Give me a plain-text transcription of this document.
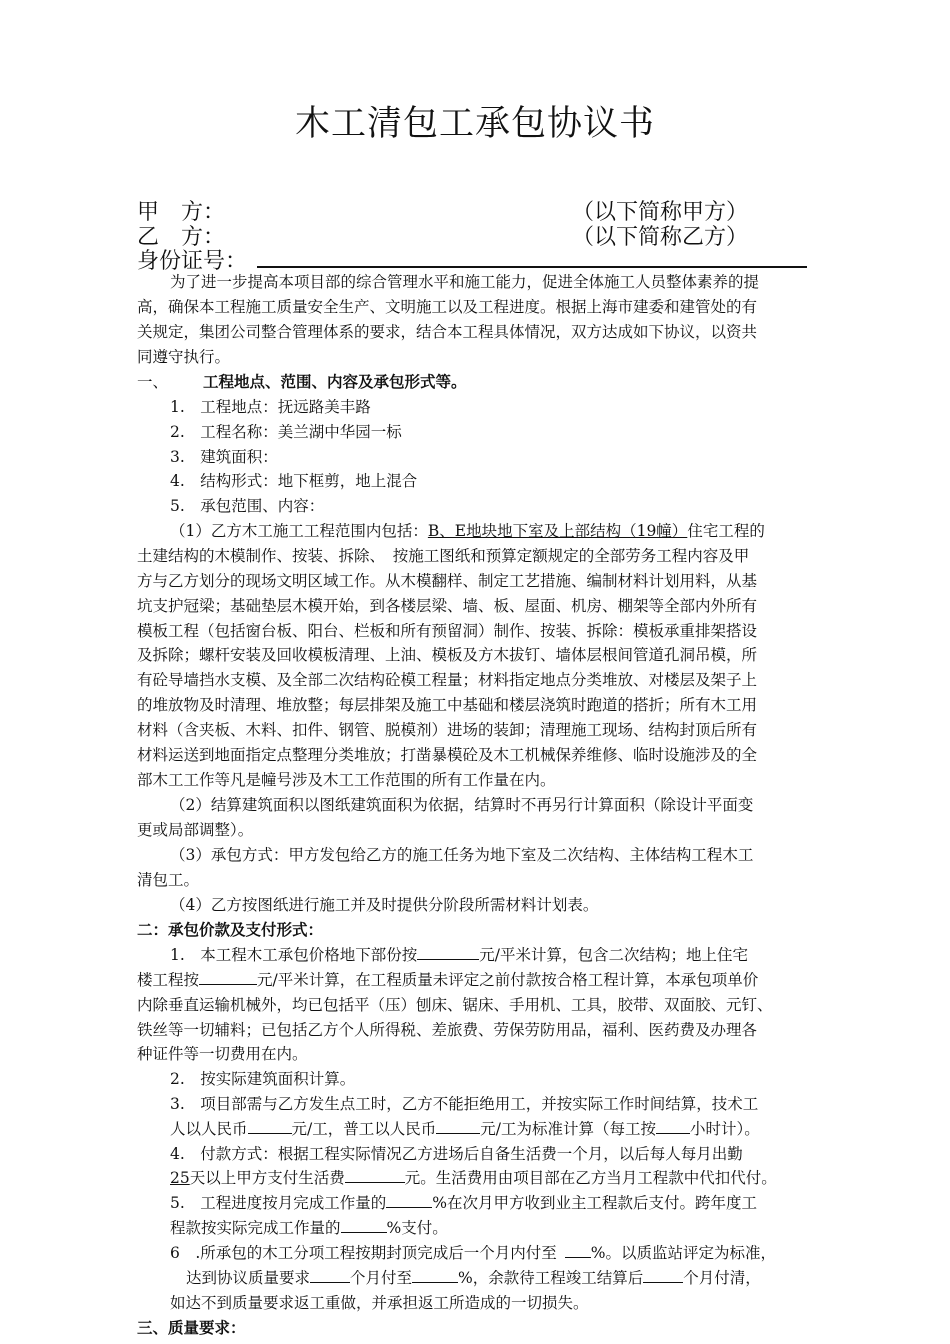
木工清包工承包协议书
甲　方：	（以下简称甲方）
乙　方：	（以下简称乙方）
身份证号：
为了进一步提高本项目部的综合管理水平和施工能力，促进全体施工人员整体素养的提
高，确保本工程施工质量安全生产、文明施工以及工程进度。根据上海市建委和建管处的有
关规定，集团公司整合管理体系的要求，结合本工程具体情况，双方达成如下协议，以资共
同遵守执行。
一、 工程地点、范围、内容及承包形式等。
1.　工程地点：抚远路美丰路
2.　工程名称：美兰湖中华园一标
3.　建筑面积：
4.　结构形式：地下框剪，地上混合
5.　承包范围、内容：
（1）乙方木工施工工程范围内包括：B、E地块地下室及上部结构（19幢）住宅工程的
土建结构的木模制作、按装、拆除、　按施工图纸和预算定额规定的全部劳务工程内容及甲
方与乙方划分的现场文明区域工作。从木模翻样、制定工艺措施、编制材料计划用料，从基
坑支护冠梁；基础垫层木模开始，到各楼层梁、墙、板、屋面、机房、棚架等全部内外所有
模板工程（包括窗台板、阳台、栏板和所有预留洞）制作、按装、拆除：模板承重排架搭设
及拆除；螺杆安装及回收模板清理、上油、模板及方木拔钉、墙体层根间管道孔洞吊模，所
有砼导墙挡水支模、及全部二次结构砼模工程量；材料指定地点分类堆放、对楼层及架子上
的堆放物及时清理、堆放整；每层排架及施工中基础和楼层浇筑时跑道的搭折；所有木工用
材料（含夹板、木料、扣件、钢管、脱模剂）进场的装卸；清理施工现场、结构封顶后所有
材料运送到地面指定点整理分类堆放；打凿暴模砼及木工机械保养维修、临时设施涉及的全
部木工工作等凡是幢号涉及木工工作范围的所有工作量在内。
（2）结算建筑面积以图纸建筑面积为依据，结算时不再另行计算面积（除设计平面变
更或局部调整）。
（3）承包方式：甲方发包给乙方的施工任务为地下室及二次结构、主体结构工程木工
清包工。
（4）乙方按图纸进行施工并及时提供分阶段所需材料计划表。
二：承包价款及支付形式：
1.　本工程木工承包价格地下部份按	元/平米计算，包含二次结构；地上住宅
楼工程按	元/平米计算，在工程质量未评定之前付款按合格工程计算，本承包项单价
内除垂直运输机械外，均已包括平（压）刨床、锯床、手用机、工具，胶带、双面胶、元钉、
铁丝等一切辅料；已包括乙方个人所得税、差旅费、劳保劳防用品，福利、医药费及办理各
种证件等一切费用在内。
2.　按实际建筑面积计算。
3.　项目部需与乙方发生点工时，乙方不能拒绝用工，并按实际工作时间结算，技术工
人以人民币	元/工，普工以人民币	元/工为标准计算（每工按 小时计）。
4.　付款方式：根据工程实际情况乙方进场后自备生活费一个月，以后每人每月出勤
25天以上甲方支付生活费	元。生活费用由项目部在乙方当月工程款中代扣代付。
5.　工程进度按月完成工作量的	%在次月甲方收到业主工程款后支付。跨年度工
程款按实际完成工作量的	%支付。
6　.所承包的木工分项工程按期封顶完成后一个月内付至 %。以质监站评定为标准，
达到协议质量要求	个月付至	%，余款待工程竣工结算后	个月付清，
如达不到质量要求返工重做，并承担返工所造成的一切损失。
三、质量要求：
